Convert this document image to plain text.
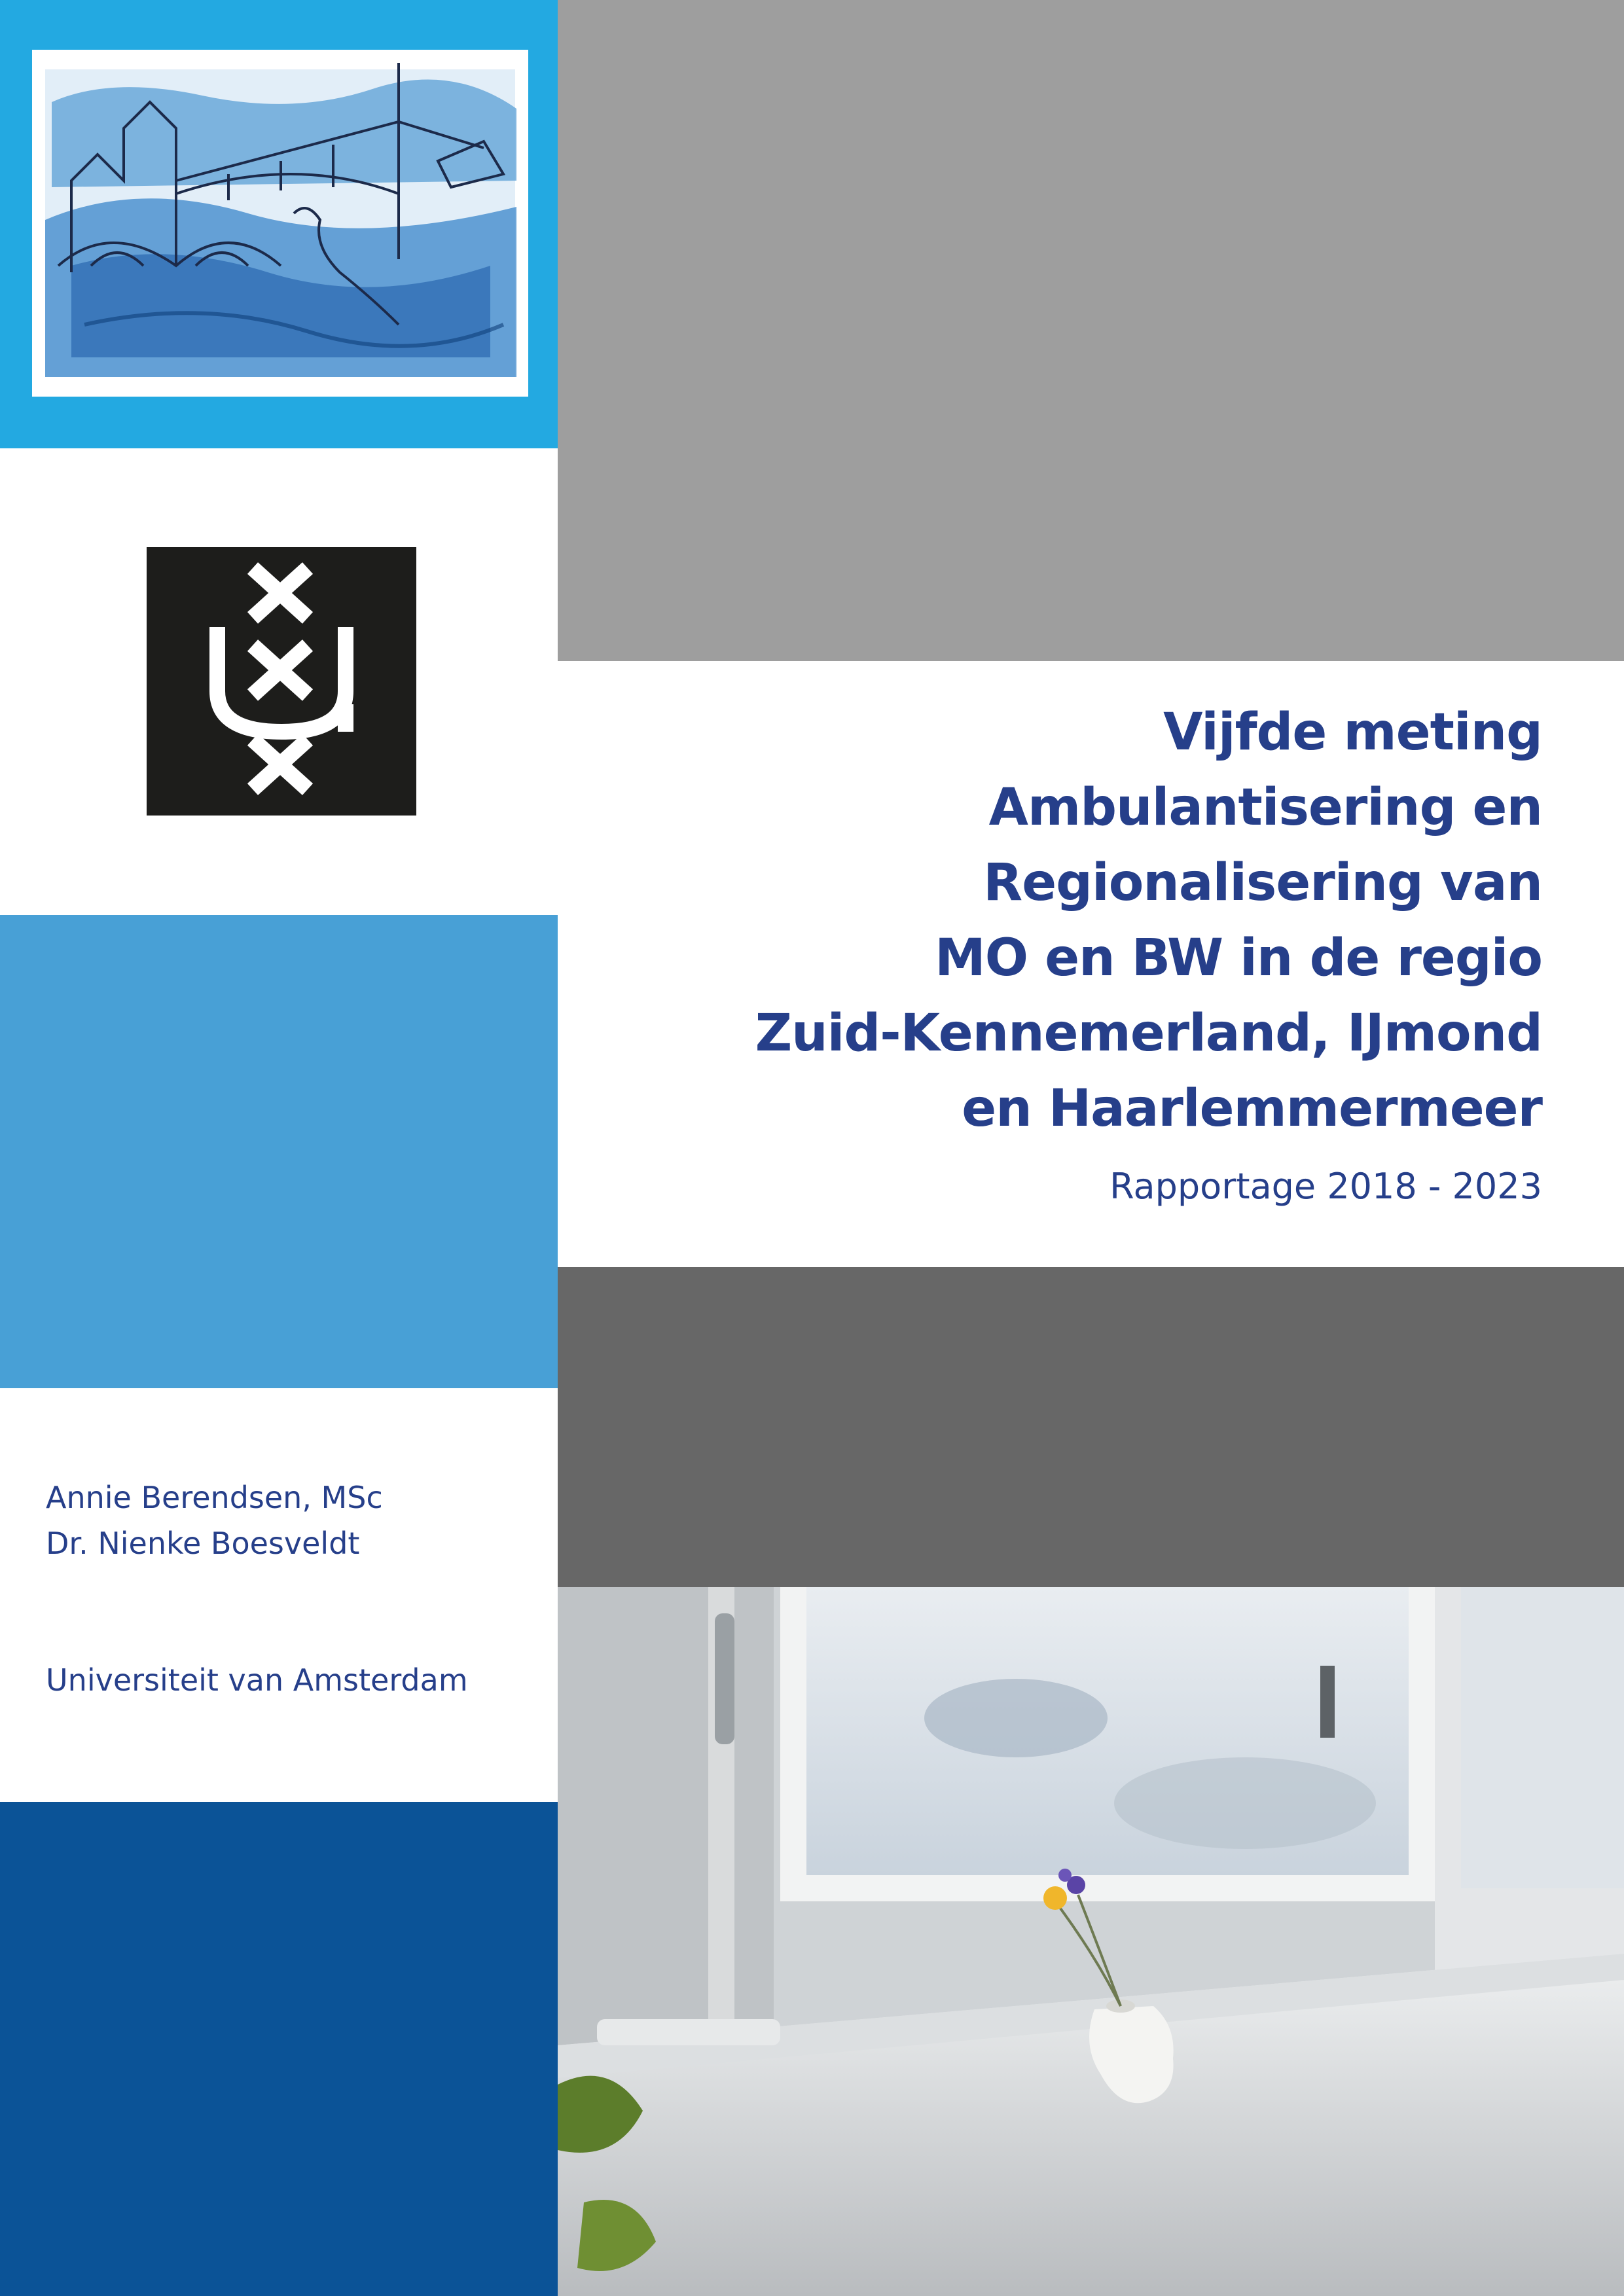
Annie Berendsen, MSc
Dr. Nienke Boesveldt
Universiteit van Amsterdam
Vijfde meting
Ambulantisering en
Regionalisering van
MO en BW in de regio
Zuid-Kennemerland, IJmond
en Haarlemmermeer
Rapportage 2018 - 2023
